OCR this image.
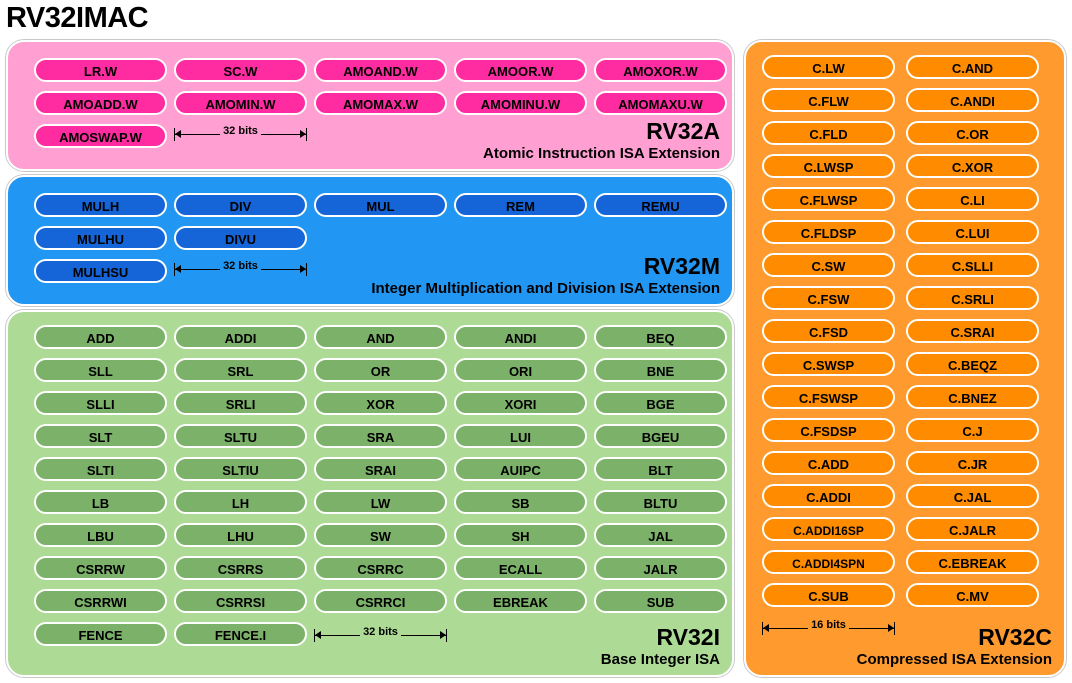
RV32IMAC
LR.W	SC.W	AMOAND.W	AMOOR.W	AMOXOR.W
AMOADD.W	AMOMIN.W	AMOMAX.W	AMOMINU.W	AMOMAXU.W
AMOSWAP.W	32 bits	RV32A
Atomic Instruction ISA Extension
MULH	DIV	MUL	REM	REMU
MULHU	DIVU
MULHSU	32 bits	RV32M
Integer Multiplication and Division ISA Extension
ADD	ADDI	AND	ANDI	BEQ
SLL	SRL	OR	ORI	BNE
SLLI	SRLI	XOR	XORI	BGE
SLT	SLTU	SRA	LUI	BGEU
SLTI	SLTIU	SRAI	AUIPC	BLT
LB	LH	LW	SB	BLTU
LBU	LHU	SW	SH	JAL
CSRRW	CSRRS	CSRRC	ECALL	JALR
CSRRWI	CSRRSI	CSRRCI	EBREAK	SUB
FENCE	FENCE.I	32 bits	RV32I
Base Integer ISA
C.LW	C.AND
C.FLW	C.ANDI
C.FLD	C.OR
C.LWSP	C.XOR
C.FLWSP	C.LI
C.FLDSP	C.LUI
C.SW	C.SLLI
C.FSW	C.SRLI
C.FSD	C.SRAI
C.SWSP	C.BEQZ
C.FSWSP	C.BNEZ
C.FSDSP	C.J
C.ADD	C.JR
C.ADDI	C.JAL
C.ADDI16SP	C.JALR
C.ADDI4SPN	C.EBREAK
C.SUB	C.MV
16 bits	RV32C
Compressed ISA Extension
